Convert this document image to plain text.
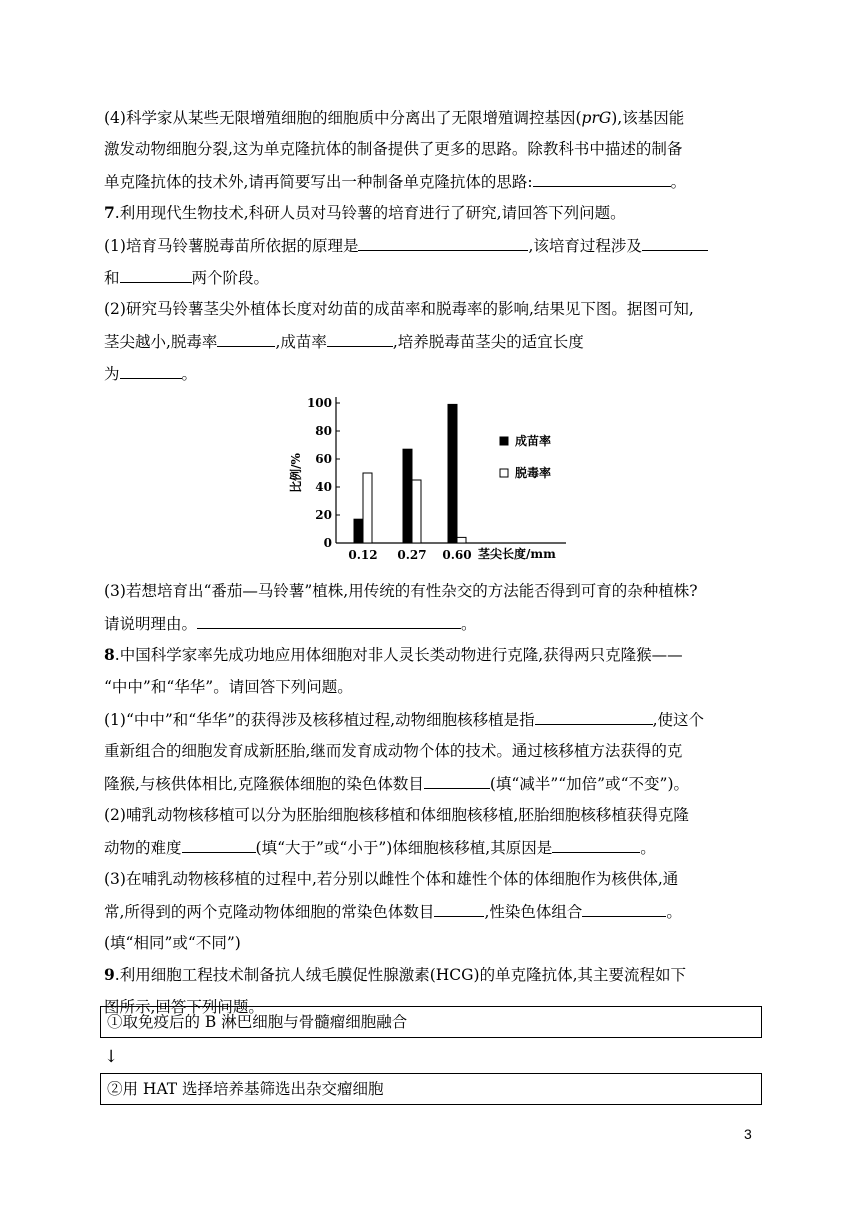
(4)科学家从某些无限增殖细胞的细胞质中分离出了无限增殖调控基因(prG),该基因能
激发动物细胞分裂,这为单克隆抗体的制备提供了更多的思路。除教科书中描述的制备
单克隆抗体的技术外,请再简要写出一种制备单克隆抗体的思路:	。
7.利用现代生物技术,科研人员对马铃薯的培育进行了研究,请回答下列问题。
(1)培育马铃薯脱毒苗所依据的原理是	,该培育过程涉及
和	两个阶段。
(2)研究马铃薯茎尖外植体长度对幼苗的成苗率和脱毒率的影响,结果见下图。据图可知,
茎尖越小,脱毒率	,成苗率	,培养脱毒苗茎尖的适宜长度
为	。
0
20
40
60
80
100
比例/%
0.12 0.27 0.60 茎尖长度/mm
成苗率
脱毒率
(3)若想培育出“番茄—马铃薯”植株,用传统的有性杂交的方法能否得到可育的杂种植株?
请说明理由。	。
8.中国科学家率先成功地应用体细胞对非人灵长类动物进行克隆,获得两只克隆猴——
“中中”和“华华”。请回答下列问题。
(1)“中中”和“华华”的获得涉及核移植过程,动物细胞核移植是指	,使这个
重新组合的细胞发育成新胚胎,继而发育成动物个体的技术。通过核移植方法获得的克
隆猴,与核供体相比,克隆猴体细胞的染色体数目	(填“减半”“加倍”或“不变”)。
(2)哺乳动物核移植可以分为胚胎细胞核移植和体细胞核移植,胚胎细胞核移植获得克隆
动物的难度	(填“大于”或“小于”)体细胞核移植,其原因是	。
(3)在哺乳动物核移植的过程中,若分别以雌性个体和雄性个体的体细胞作为核供体,通
常,所得到的两个克隆动物体细胞的常染色体数目	,性染色体组合	。
(填“相同”或“不同”)
9.利用细胞工程技术制备抗人绒毛膜促性腺激素(HCG)的单克隆抗体,其主要流程如下
图所示,回答下列问题。
①取免疫后的 B 淋巴细胞与骨髓瘤细胞融合
↓
②用 HAT 选择培养基筛选出杂交瘤细胞
3
